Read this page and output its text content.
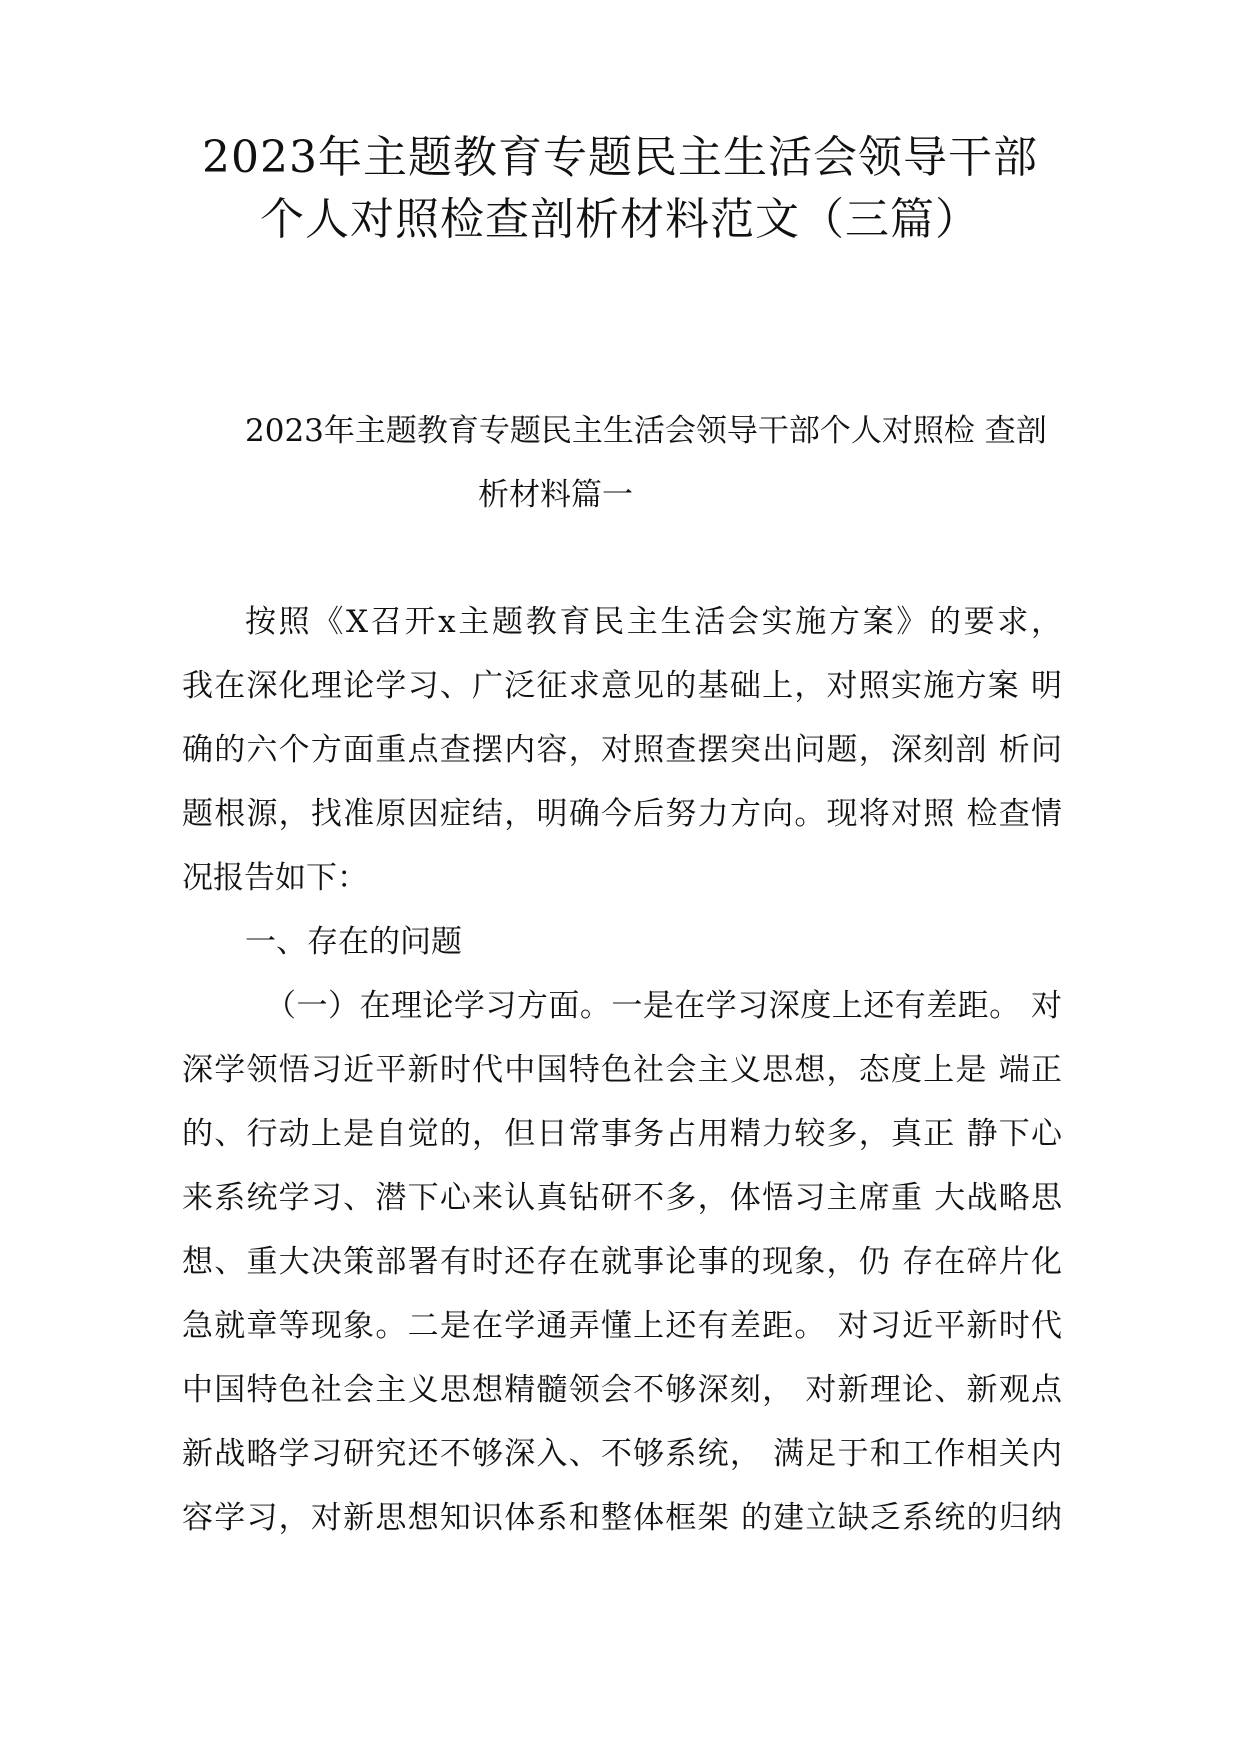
2023年主题教育专题民主生活会领导干部
个人对照检查剖析材料范文（三篇）
2023年主题教育专题民主生活会领导干部个人对照检 查剖
析材料篇一
按照《X召开x主题教育民主生活会实施方案》的要求，
我在深化理论学习、广泛征求意见的基础上，对照实施方案 明
确的六个方面重点查摆内容，对照查摆突出问题，深刻剖 析问
题根源，找准原因症结，明确今后努力方向。现将对照 检查情
况报告如下：
一、存在的问题
（一）在理论学习方面。一是在学习深度上还有差距。 对
深学领悟习近平新时代中国特色社会主义思想，态度上是 端正
的、行动上是自觉的，但日常事务占用精力较多，真正 静下心
来系统学习、潜下心来认真钻研不多，体悟习主席重 大战略思
想、重大决策部署有时还存在就事论事的现象，仍 存在碎片化
急就章等现象。二是在学通弄懂上还有差距。 对习近平新时代
中国特色社会主义思想精髓领会不够深刻， 对新理论、新观点
新战略学习研究还不够深入、不够系统， 满足于和工作相关内
容学习，对新思想知识体系和整体框架 的建立缺乏系统的归纳
